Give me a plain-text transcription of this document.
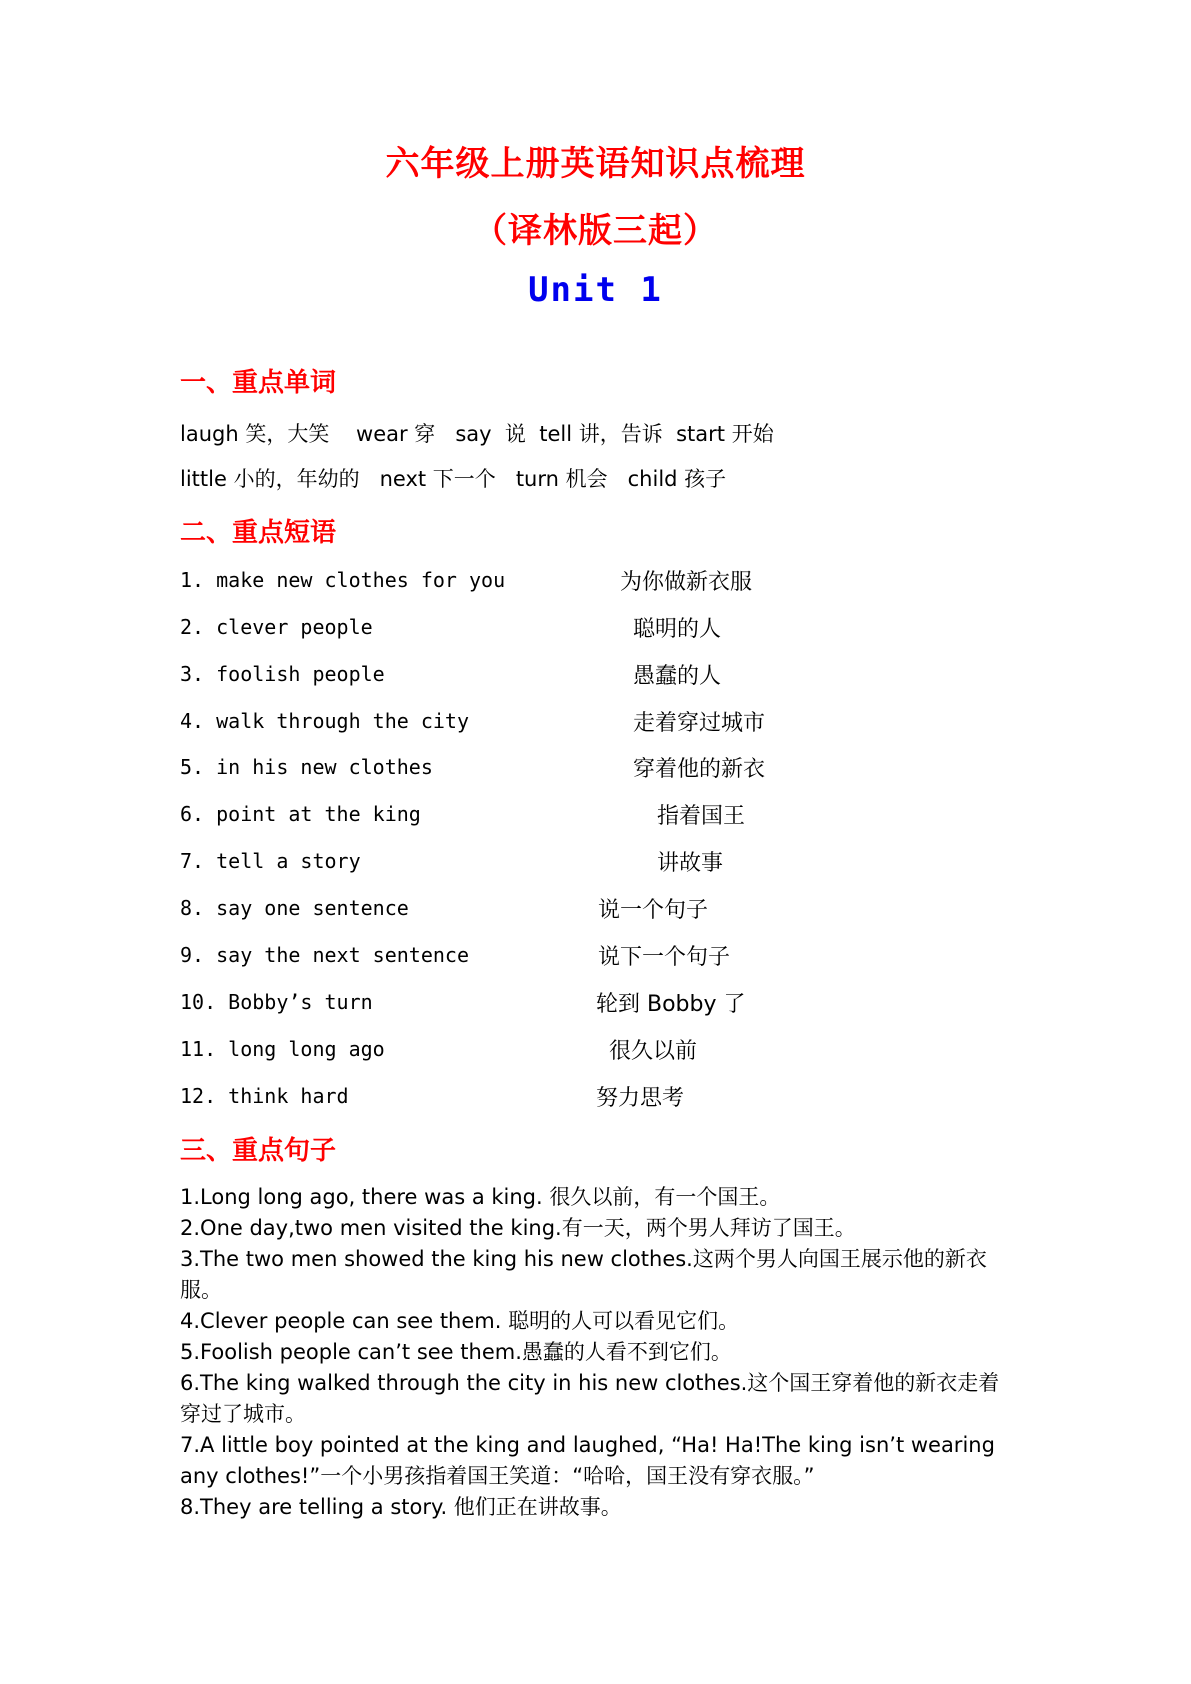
六年级上册英语知识点梳理
（译林版三起）
Unit 1
一、重点单词
laugh 笑，大笑    wear 穿   say  说  tell 讲，告诉  start 开始
little 小的，年幼的   next 下一个   turn 机会   child 孩子
二、重点短语
1. make new clothes for you	为你做新衣服
2. clever people	聪明的人
3. foolish people	愚蠢的人
4. walk through the city	走着穿过城市
5. in his new clothes	穿着他的新衣
6. point at the king	指着国王
7. tell a story	讲故事
8. say one sentence	说一个句子
9. say the next sentence	说下一个句子
10. Bobby’s turn	轮到 Bobby 了
11. long long ago	很久以前
12. think hard	努力思考
三、重点句子
1.Long long ago, there was a king. 很久以前，有一个国王。
2.One day,two men visited the king.有一天，两个男人拜访了国王。
3.The two men showed the king his new clothes.这两个男人向国王展示他的新衣服。
4.Clever people can see them. 聪明的人可以看见它们。
5.Foolish people can’t see them.愚蠢的人看不到它们。
6.The king walked through the city in his new clothes.这个国王穿着他的新衣走着穿过了城市。
7.A little boy pointed at the king and laughed, “Ha! Ha!The king isn’t wearing any clothes!”一个小男孩指着国王笑道：“哈哈，国王没有穿衣服。”
8.They are telling a story. 他们正在讲故事。
